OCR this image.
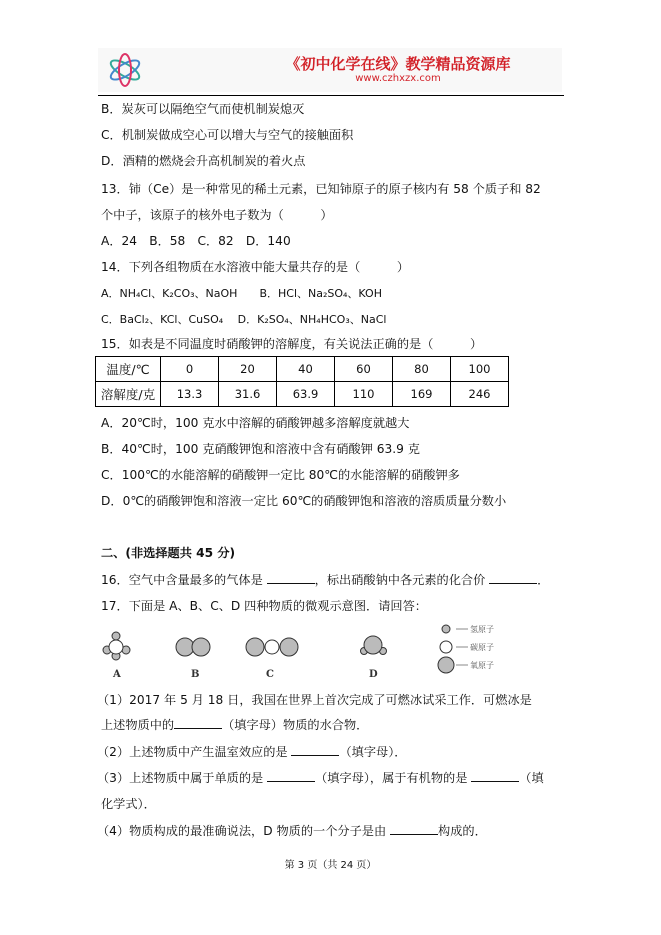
《初中化学在线》教学精品资源库
www.czhxzx.com
B．炭灰可以隔绝空气而使机制炭熄灭
C．机制炭做成空心可以增大与空气的接触面积
D．酒精的燃烧会升高机制炭的着火点
13．铈（Ce）是一种常见的稀土元素，已知铈原子的原子核内有 58 个质子和 82
个中子，该原子的核外电子数为（　　　）
A．24　B．58　C．82　D．140
14．下列各组物质在水溶液中能大量共存的是（　　　）
A．NH₄Cl、K₂CO₃、NaOH　　B．HCl、Na₂SO₄、KOH
C．BaCl₂、KCl、CuSO₄　 D．K₂SO₄、NH₄HCO₃、NaCl
15．如表是不同温度时硝酸钾的溶解度，有关说法正确的是（　　　）
温度/℃	0	20	40	60	80	100
溶解度/克	13.3	31.6	63.9	110	169	246
A．20℃时，100 克水中溶解的硝酸钾越多溶解度就越大
B．40℃时，100 克硝酸钾饱和溶液中含有硝酸钾 63.9 克
C．100℃的水能溶解的硝酸钾一定比 80℃的水能溶解的硝酸钾多
D．0℃的硝酸钾饱和溶液一定比 60℃的硝酸钾饱和溶液的溶质质量分数小
二、(非选择题共 45 分)
16．空气中含量最多的气体是	，标出硝酸钠中各元素的化合价	．
17．下面是 A、B、C、D 四种物质的微观示意图．请回答：
A	B	C	D
氢原子
碳原子
氧原子
（1）2017 年 5 月 18 日，我国在世界上首次完成了可燃冰试采工作．可燃冰是
上述物质中的	（填字母）物质的水合物．
（2）上述物质中产生温室效应的是	（填字母）．
（3）上述物质中属于单质的是	（填字母），属于有机物的是	（填
化学式）．
（4）物质构成的最准确说法，D 物质的一个分子是由	构成的．
第 3 页（共 24 页）
